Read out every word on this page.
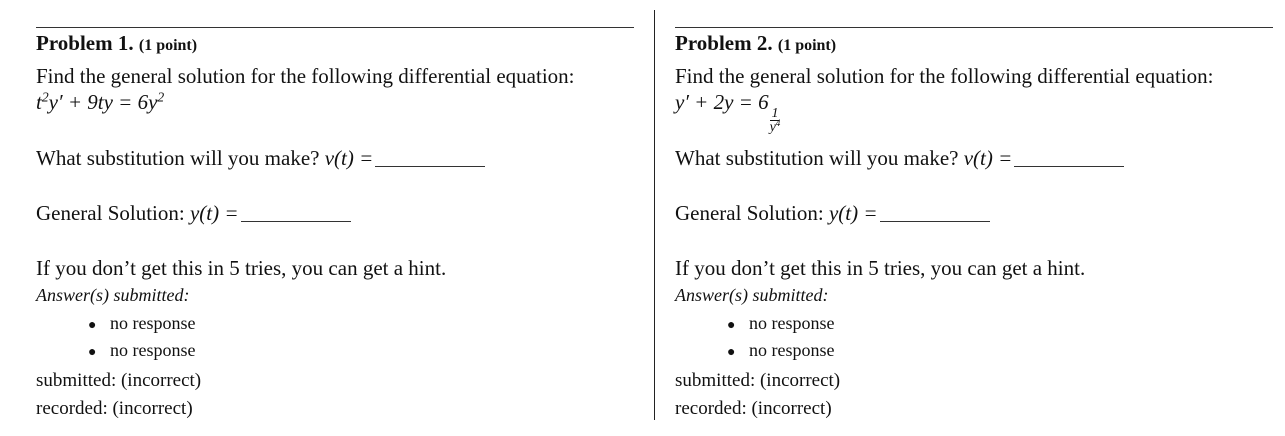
Problem 1. (1 point)
Find the general solution for the following differential equation:
$t^2y' + 9ty = 6y^2$
What substitution will you make? v(t) =
General Solution: y(t) =
If you don’t get this in 5 tries, you can get a hint.
Answer(s) submitted:
● no response
● no response
submitted: (incorrect)
recorded: (incorrect)
Problem 2. (1 point)
Find the general solution for the following differential equation:
y′ + 2y = 6
$\frac{1}{y^4}$
What substitution will you make? v(t) =
General Solution: y(t) =
If you don’t get this in 5 tries, you can get a hint.
Answer(s) submitted:
● no response
● no response
submitted: (incorrect)
recorded: (incorrect)
